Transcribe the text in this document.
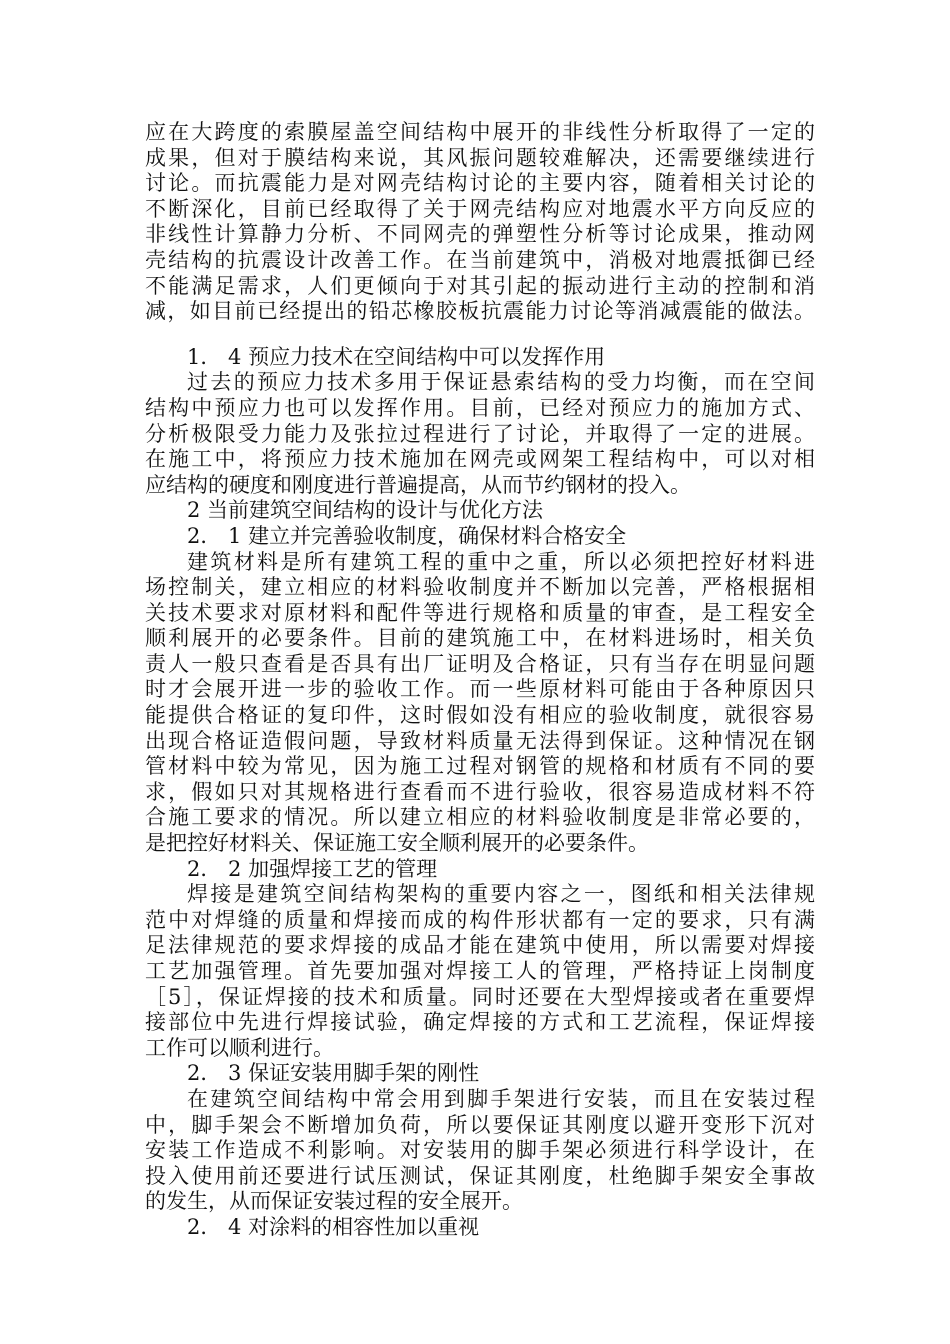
应在大跨度的索膜屋盖空间结构中展开的非线性分析取得了一定的
成果，但对于膜结构来说，其风振问题较难解决，还需要继续进行
讨论。而抗震能力是对网壳结构讨论的主要内容，随着相关讨论的
不断深化，目前已经取得了关于网壳结构应对地震水平方向反应的
非线性计算静力分析、不同网壳的弹塑性分析等讨论成果，推动网
壳结构的抗震设计改善工作。在当前建筑中，消极对地震抵御已经
不能满足需求，人们更倾向于对其引起的振动进行主动的控制和消
减，如目前已经提出的铅芯橡胶板抗震能力讨论等消减震能的做法。
1． 4 预应力技术在空间结构中可以发挥作用
过去的预应力技术多用于保证悬索结构的受力均衡，而在空间
结构中预应力也可以发挥作用。目前，已经对预应力的施加方式、
分析极限受力能力及张拉过程进行了讨论，并取得了一定的进展。
在施工中，将预应力技术施加在网壳或网架工程结构中，可以对相
应结构的硬度和刚度进行普遍提高，从而节约钢材的投入。
2 当前建筑空间结构的设计与优化方法
2． 1 建立并完善验收制度，确保材料合格安全
建筑材料是所有建筑工程的重中之重，所以必须把控好材料进
场控制关，建立相应的材料验收制度并不断加以完善，严格根据相
关技术要求对原材料和配件等进行规格和质量的审查，是工程安全
顺利展开的必要条件。目前的建筑施工中，在材料进场时，相关负
责人一般只查看是否具有出厂证明及合格证，只有当存在明显问题
时才会展开进一步的验收工作。而一些原材料可能由于各种原因只
能提供合格证的复印件，这时假如没有相应的验收制度，就很容易
出现合格证造假问题，导致材料质量无法得到保证。这种情况在钢
管材料中较为常见，因为施工过程对钢管的规格和材质有不同的要
求，假如只对其规格进行查看而不进行验收，很容易造成材料不符
合施工要求的情况。所以建立相应的材料验收制度是非常必要的，
是把控好材料关、保证施工安全顺利展开的必要条件。
2． 2 加强焊接工艺的管理
焊接是建筑空间结构架构的重要内容之一，图纸和相关法律规
范中对焊缝的质量和焊接而成的构件形状都有一定的要求，只有满
足法律规范的要求焊接的成品才能在建筑中使用，所以需要对焊接
工艺加强管理。首先要加强对焊接工人的管理，严格持证上岗制度
［5］，保证焊接的技术和质量。同时还要在大型焊接或者在重要焊
接部位中先进行焊接试验，确定焊接的方式和工艺流程，保证焊接
工作可以顺利进行。
2． 3 保证安装用脚手架的刚性
在建筑空间结构中常会用到脚手架进行安装，而且在安装过程
中，脚手架会不断增加负荷，所以要保证其刚度以避开变形下沉对
安装工作造成不利影响。对安装用的脚手架必须进行科学设计，在
投入使用前还要进行试压测试，保证其刚度，杜绝脚手架安全事故
的发生，从而保证安装过程的安全展开。
2． 4 对涂料的相容性加以重视
